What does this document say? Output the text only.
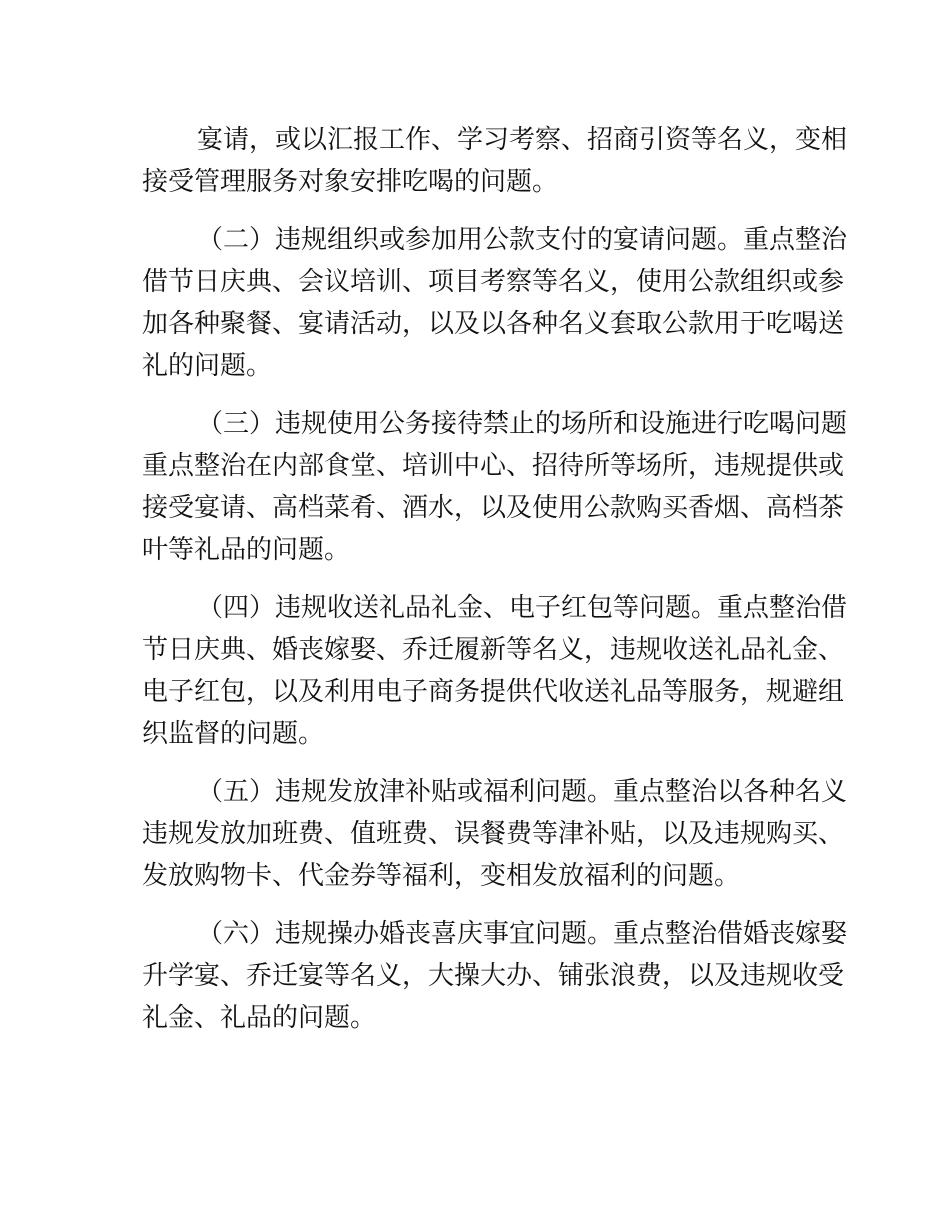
宴请，或以汇报工作、学习考察、招商引资等名义，变相
接受管理服务对象安排吃喝的问题。
（二）违规组织或参加用公款支付的宴请问题。重点整治
借节日庆典、会议培训、项目考察等名义，使用公款组织或参
加各种聚餐、宴请活动，以及以各种名义套取公款用于吃喝送
礼的问题。
（三）违规使用公务接待禁止的场所和设施进行吃喝问题
重点整治在内部食堂、培训中心、招待所等场所，违规提供或
接受宴请、高档菜肴、酒水，以及使用公款购买香烟、高档茶
叶等礼品的问题。
（四）违规收送礼品礼金、电子红包等问题。重点整治借
节日庆典、婚丧嫁娶、乔迁履新等名义，违规收送礼品礼金、
电子红包，以及利用电子商务提供代收送礼品等服务，规避组
织监督的问题。
（五）违规发放津补贴或福利问题。重点整治以各种名义
违规发放加班费、值班费、误餐费等津补贴，以及违规购买、
发放购物卡、代金券等福利，变相发放福利的问题。
（六）违规操办婚丧喜庆事宜问题。重点整治借婚丧嫁娶
升学宴、乔迁宴等名义，大操大办、铺张浪费，以及违规收受
礼金、礼品的问题。
